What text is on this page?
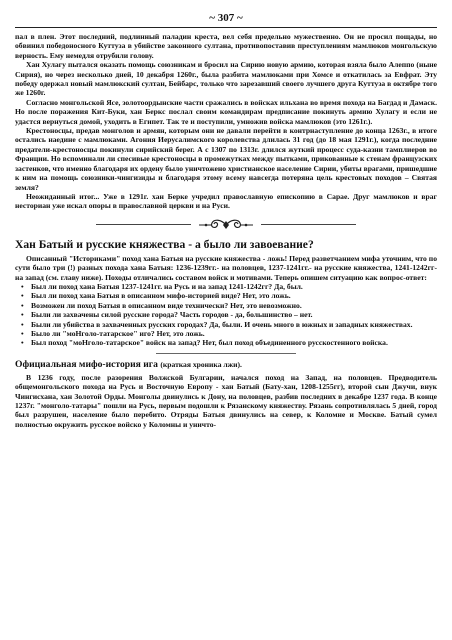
~ 307 ~

пал в плен. Этот последний, подлинный паладин креста, вел себя предельно мужественно. Он не просил пощады, но обвинил победоносного Куттуза в убийстве законного султана, противопоставив преступлениям мамлюков монгольскую верность. Ему немедля отрубили голову.

Хан Хулагу пытался оказать помощь союзникам и бросил на Сирию новую армию, которая взяла было Алеппо (ныне Сирия), но через несколько дней, 10 декабря 1260г., была разбита мамлюками при Хомсе и откатилась за Евфрат. Эту победу одержал новый мамлюкский султан, Бейбарс, только что зарезавший своего лучшего друга Куттуза в октябре того же 1260г.

Согласно монгольской Ясе, золотоордынские части сражались в войсках ильхана во время похода на Багдад и Дамаск. Но после поражения Кит-Буки, хан Беркс послал своим командирам предписание покинуть армию Хулагу и если не удастся вернуться домой, уходить в Египет. Так те и поступили, умножив войска мамлюков (это 1261г.).

Крестоносцы, предав монголов и армян, которым они не давали перейти в контрнаступление до конца 1263г., в итоге остались наедине с мамлюками. Агония Иерусалимского королевства длилась 31 год (до 18 мая 1291г.), когда последние предатели-крестоносцы покинули сирийский берег. А с 1307 по 1313г. длился жуткий процесс суда-казни тамплиеров во Франции. Но вспоминали ли спесивые крестоносцы в промежутках между пытками, прикованные к стенам французских застенков, что именно благодаря их орденy было уничтожено христианское население Сирии, убиты врагами, пришедшие к ним на помощь союзники-чингизиды и благодаря этому всему навсегда потеряна цель крестовых походов – Святая земля?

Неожиданный итог... Уже в 1291г. хан Берке учредил православную епископию в Сарае. Друг мамлюков и враг несториан уже искал опоры в православной церкви и на Руси.

Хан Батый и русские княжества - а было ли завоевание?

Описанный "Историками" поход хана Батыя на русские княжества - ложь! Перед разветчанием мифа уточним, что по сути было три (!) разных похода хана Батыя: 1236-1239гг.- на половцев, 1237-1241гг.- на русские княжества, 1241-1242гг- на запад (см. главу ниже). Походы отличались составом войск и мотивами. Теперь опишем ситуацию как вопрос-ответ:

• Был ли поход хана Батыя 1237-1241гг. на Русь и на запад 1241-1242гг? Да, был.
• Был ли поход хана Батыя в описанном мифо-историей виде? Нет, это ложь.
• Возможен ли поход Батыя в описанном виде технически? Нет, это невозможно.
• Были ли захвачены силой русские города? Часть городов - да, большинство – нет.
• Были ли убийства в захваченных русских городах? Да, были. И очень много в южных и западных княжествах.
• Было ли "моНгoло-татарское" иго? Нет, это ложь.
• Был поход "моНгoло-татарское" войск на запад? Нет, был поход объединенного русскостенного войска.
Официальная мифо-история ига (краткая хроника лжи).

В 1236 году, после разорения Волжской Булгарии, начался поход на Запад, на половцев. Предводитель общемонгольского похода на Русь и Восточную Европу - хан Батый (Бату-хан, 1208-1255гг), второй сын Джучи, внук Чингисхана, хан Золотой Орды. Монголы двинулись к Дону, на половцев, разбив последних в декабре 1237 года. В конце 1237г. "монголо-татары" пошли на Русь, первым подошли к Рязанскому княжеству. Рязань сопротивлялась 5 дней, город был разрушен, население было перебито. Отряды Батыя двинулись на север, к Коломне и Москве. Батый сумел полностью окружить русское войско у Коломны и уничто-
